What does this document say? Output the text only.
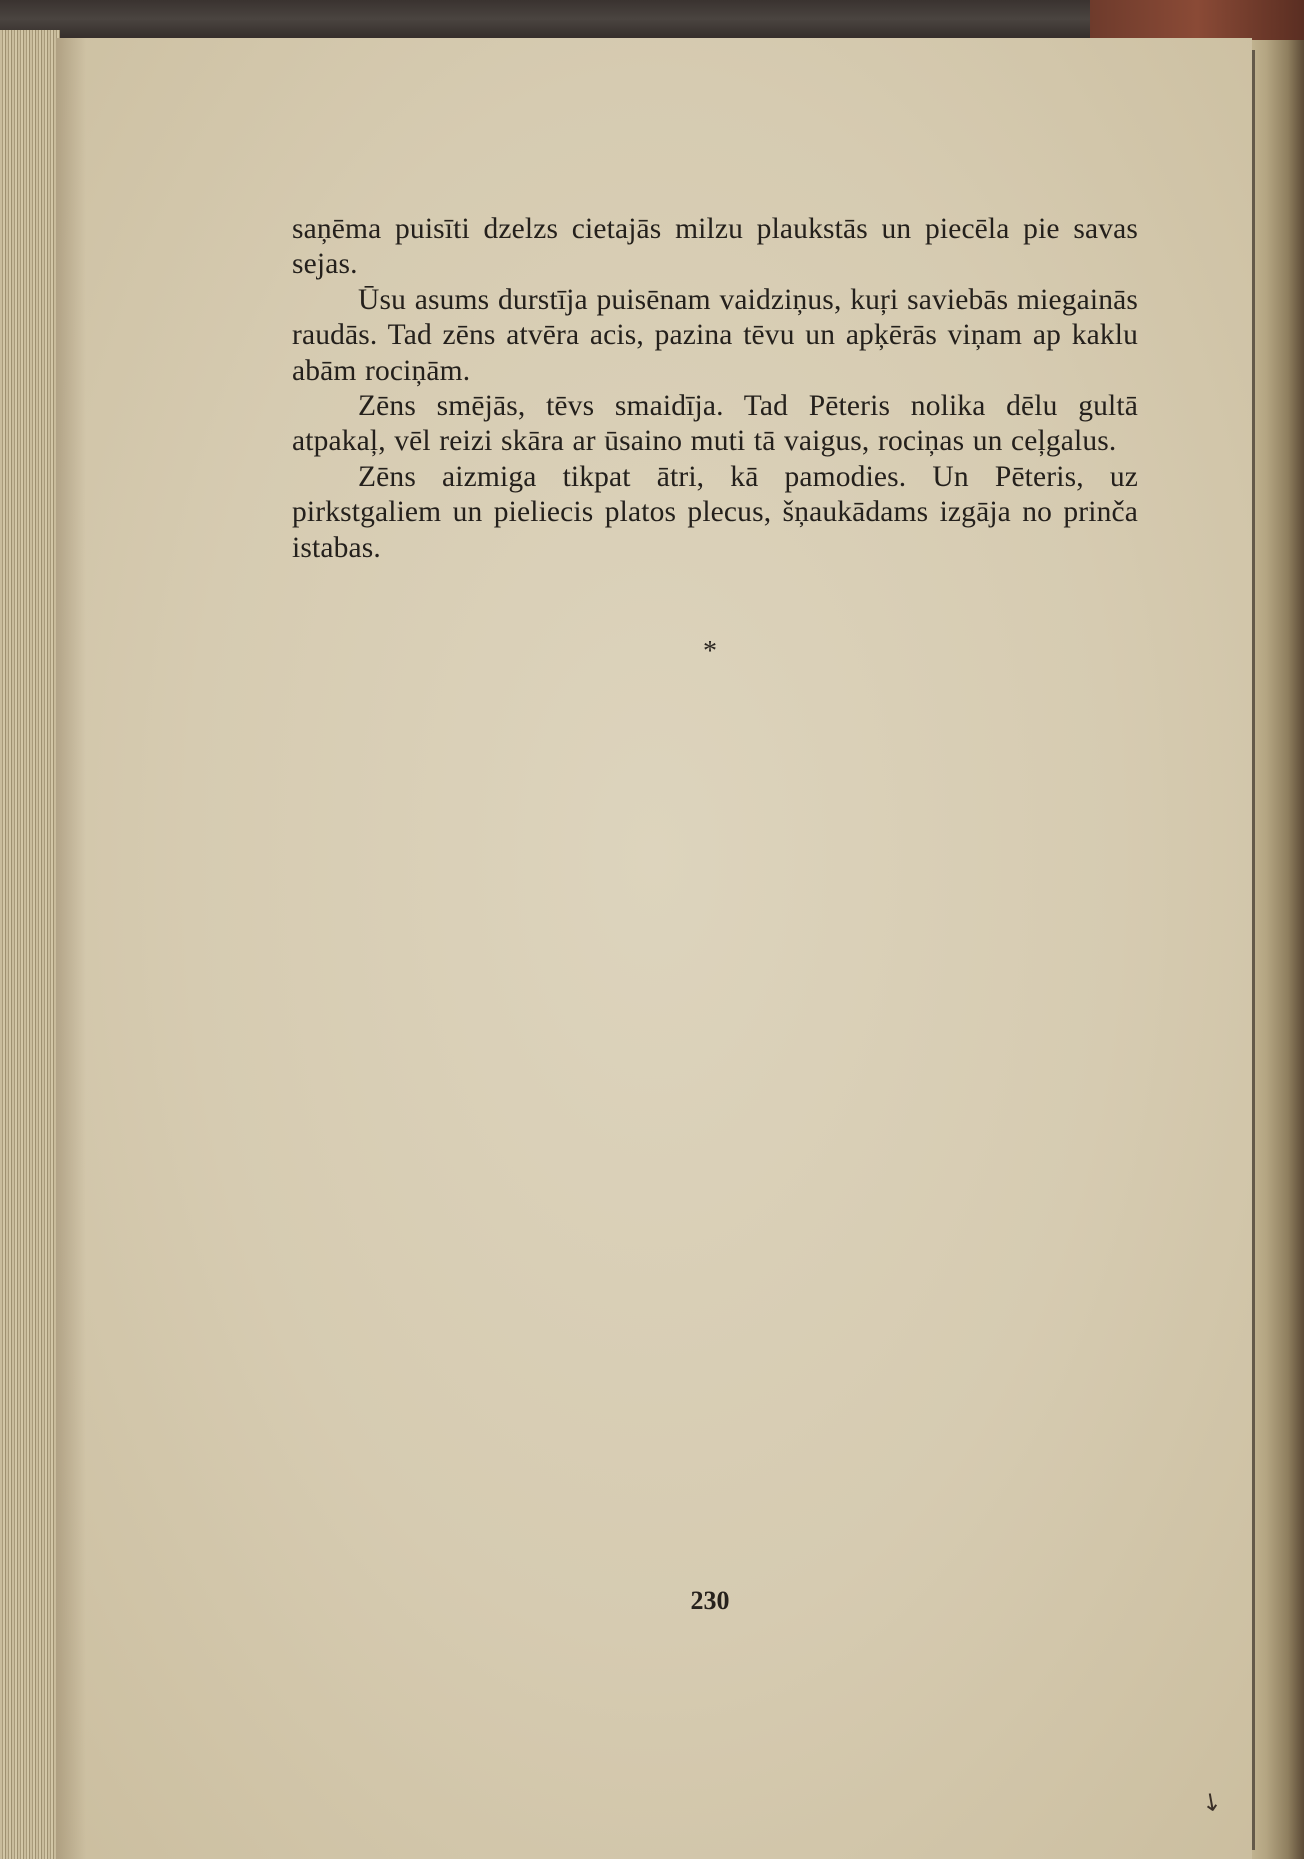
saņēma puisīti dzelzs cietajās milzu plaukstās un piecēla pie savas sejas.

Ūsu asums durstīja puisēnam vaidziņus, kuŗi saviebās miegainās raudās. Tad zēns atvēra acis, pazina tēvu un apķērās viņam ap kaklu abām rociņām.

Zēns smējās, tēvs smaidīja. Tad Pēteris nolika dēlu gultā atpakaļ, vēl reizi skāra ar ūsaino muti tā vaigus, rociņas un ceļgalus.

Zēns aizmiga tikpat ātri, kā pamodies. Un Pēteris, uz pirkstgaliem un pieliecis platos plecus, šņaukādams izgāja no prinča istabas.

*
230
↘
